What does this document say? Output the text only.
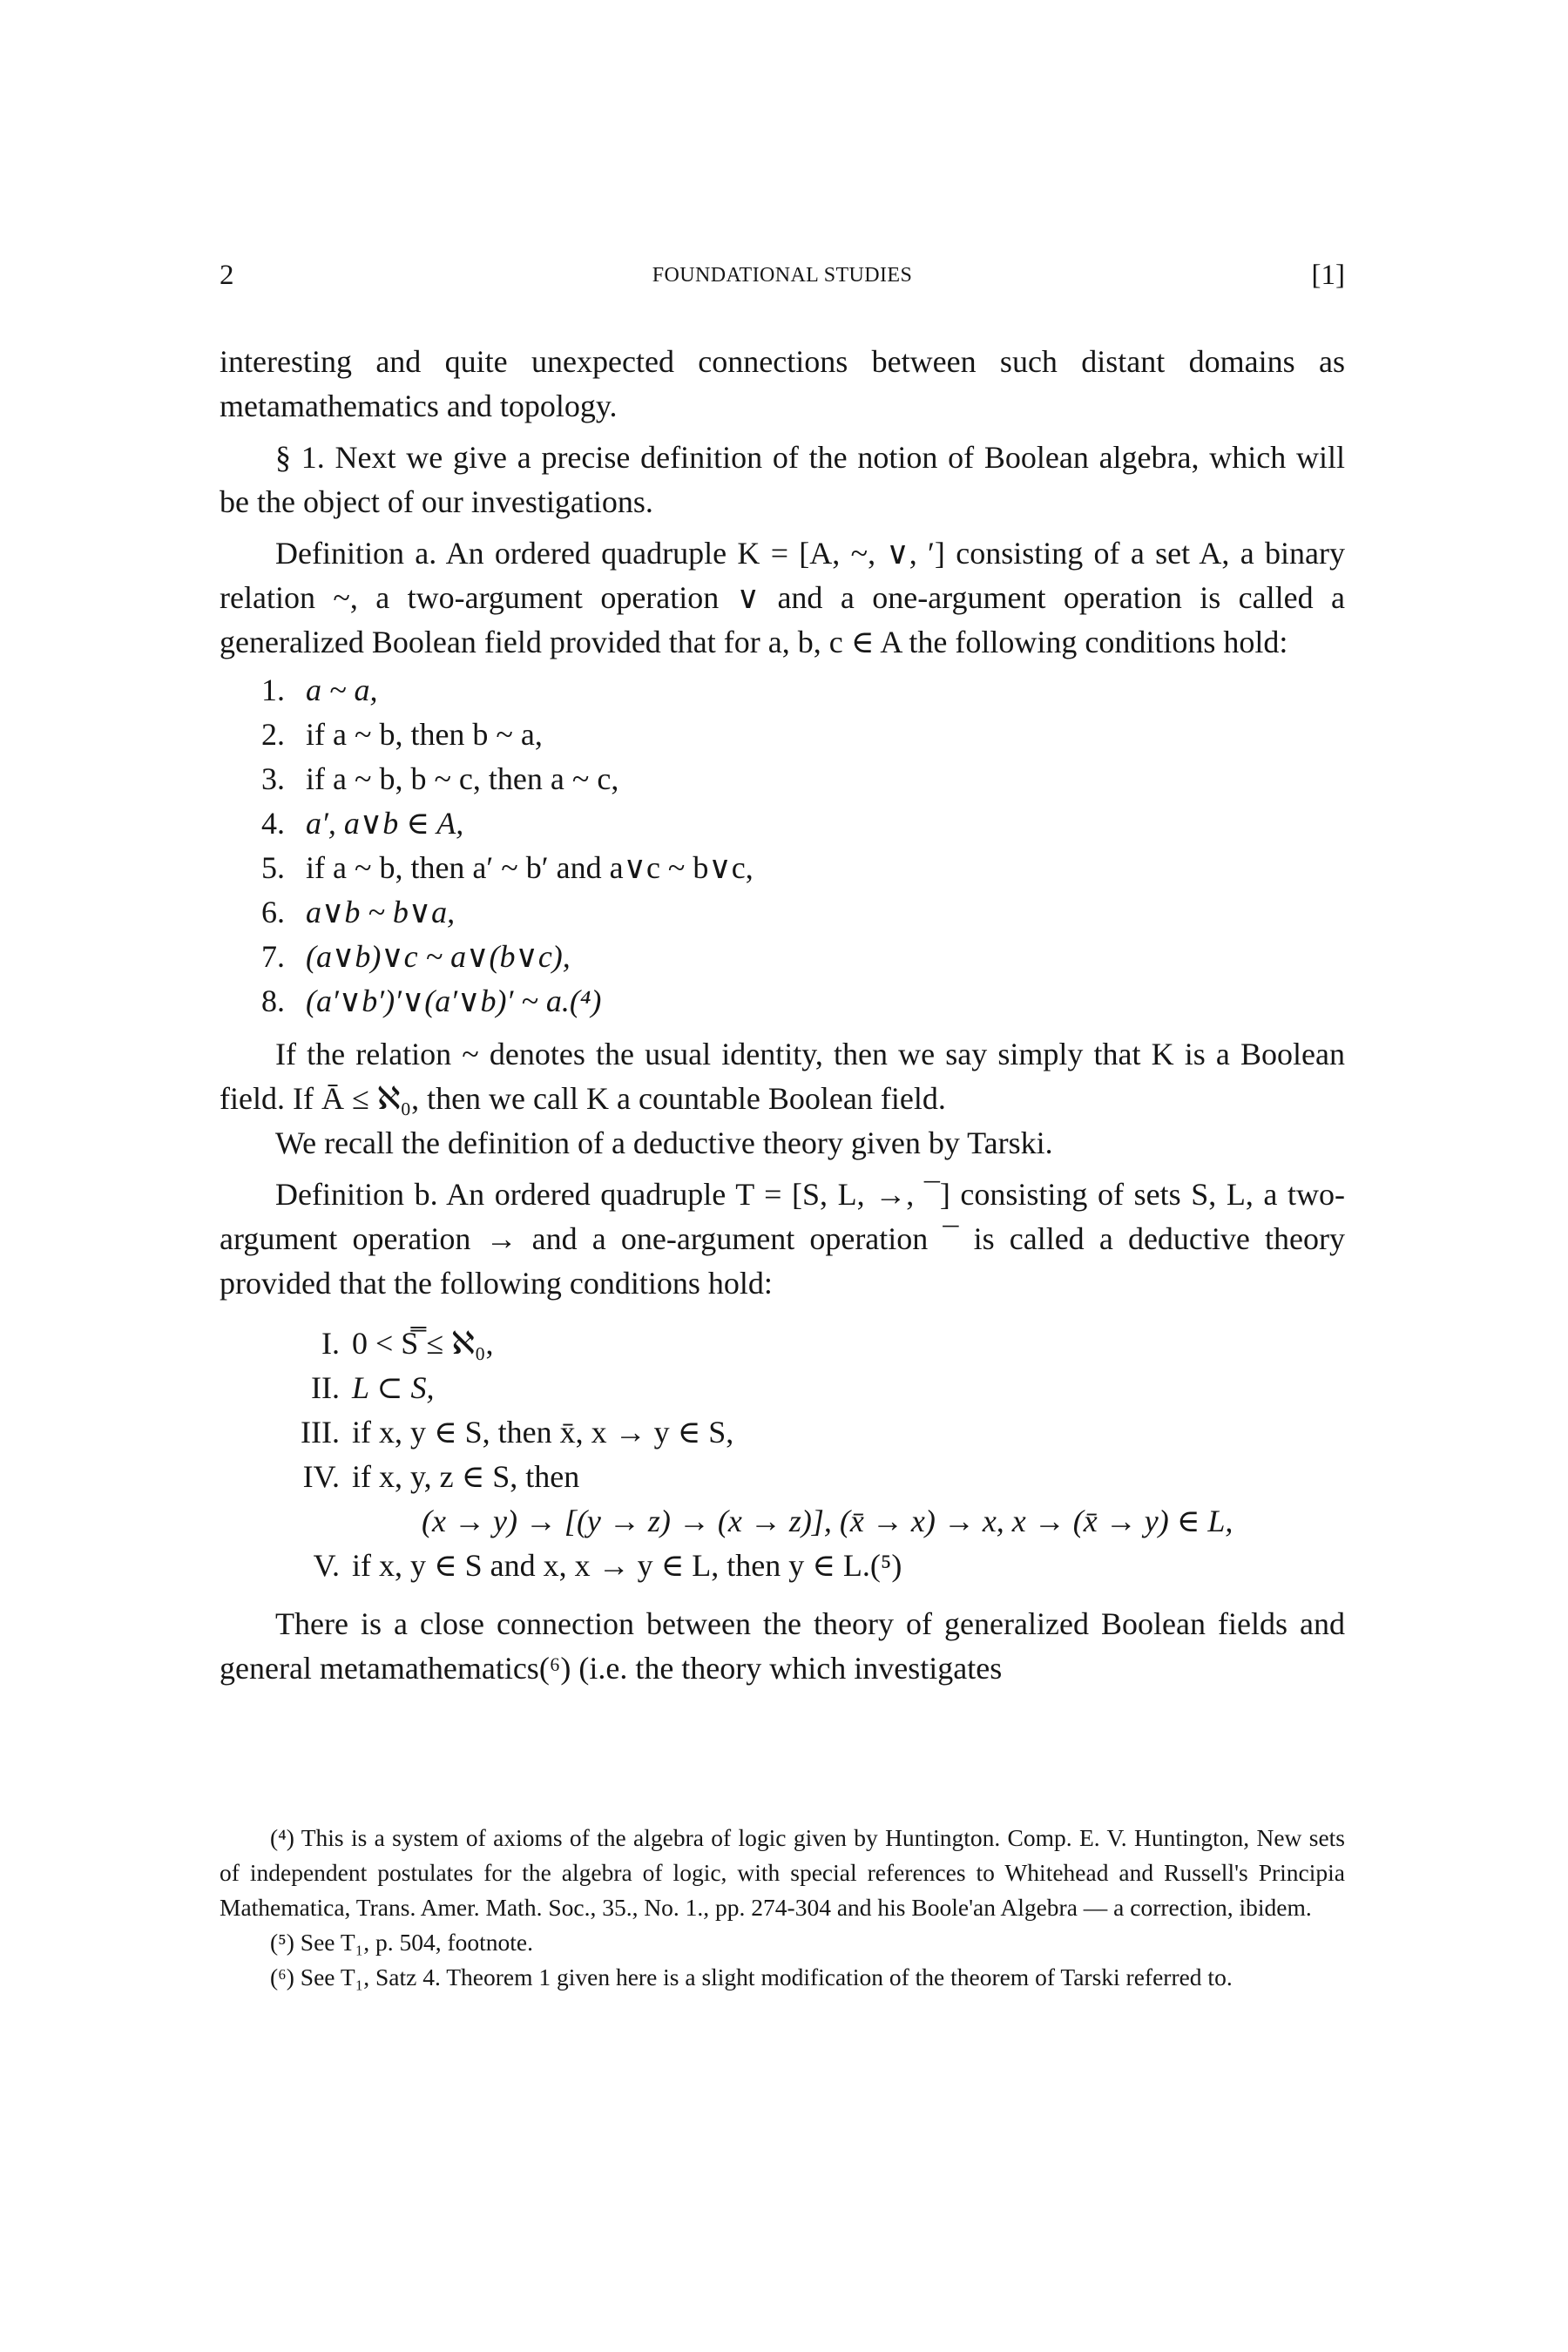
2	FOUNDATIONAL STUDIES	[1]

interesting and quite unexpected connections between such distant domains as metamathematics and topology.

§ 1. Next we give a precise definition of the notion of Boolean algebra, which will be the object of our investigations.

Definition a. An ordered quadruple K = [A, ~, ∨, ′] consisting of a set A, a binary relation ~, a two-argument operation ∨ and a one-argument operation is called a generalized Boolean field provided that for a, b, c ∈ A the following conditions hold:

1. a ~ a,
2. if a ~ b, then b ~ a,
3. if a ~ b, b ~ c, then a ~ c,
4. a′, a∨b ∈ A,
5. if a ~ b, then a′ ~ b′ and a∨c ~ b∨c,
6. a∨b ~ b∨a,
7. (a∨b)∨c ~ a∨(b∨c),
8. (a′∨b′)′∨(a′∨b)′ ~ a.(⁴)

If the relation ~ denotes the usual identity, then we say simply that K is a Boolean field. If Ā ≤ ℵ₀, then we call K a countable Boolean field.

We recall the definition of a deductive theory given by Tarski.

Definition b. An ordered quadruple T = [S, L, →, ¯] consisting of sets S, L, a two-argument operation → and a one-argument operation ¯ is called a deductive theory provided that the following conditions hold:

I. 0 < S̿ ≤ ℵ₀,
II. L ⊂ S,
III. if x, y ∈ S, then x̄, x → y ∈ S,
IV. if x, y, z ∈ S, then
(x → y) → [(y → z) → (x → z)], (x̄ → x) → x, x → (x̄ → y) ∈ L,
V. if x, y ∈ S and x, x → y ∈ L, then y ∈ L.(⁵)

There is a close connection between the theory of generalized Boolean fields and general metamathematics(⁶) (i.e. the theory which investigates

(⁴) This is a system of axioms of the algebra of logic given by Huntington. Comp. E. V. Huntington, New sets of independent postulates for the algebra of logic, with special references to Whitehead and Russell's Principia Mathematica, Trans. Amer. Math. Soc., 35., No. 1., pp. 274-304 and his Boole'an Algebra — a correction, ibidem.

(⁵) See T₁, p. 504, footnote.

(⁶) See T₁, Satz 4. Theorem 1 given here is a slight modification of the theorem of Tarski referred to.
